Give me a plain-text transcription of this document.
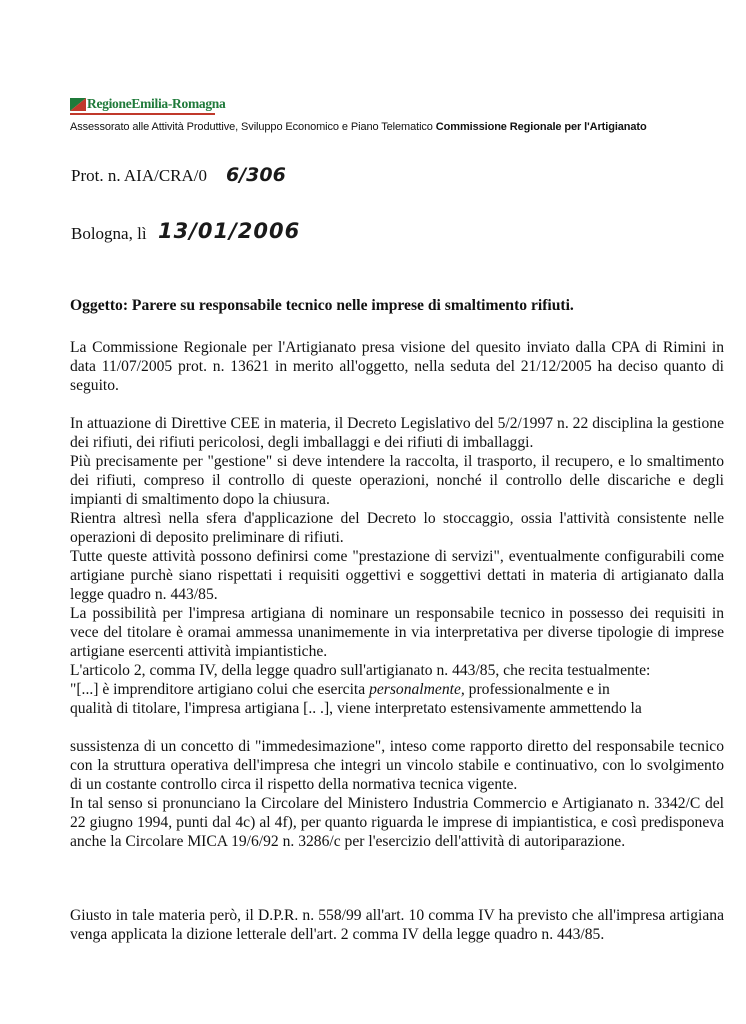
RegioneEmilia-Romagna
Assessorato alle Attività Produttive, Sviluppo Economico e Piano Telematico Commissione Regionale per l'Artigianato
Prot. n. AIA/CRA/0 6/306
Bologna, lì 13/01/2006
Oggetto: Parere su responsabile tecnico nelle imprese di smaltimento rifiuti.

La Commissione Regionale per l'Artigianato presa visione del quesito inviato dalla CPA di Rimini in data 11/07/2005 prot. n. 13621 in merito all'oggetto, nella seduta del 21/12/2005 ha deciso quanto di seguito.

In attuazione di Direttive CEE in materia, il Decreto Legislativo del 5/2/1997 n. 22 disciplina la gestione dei rifiuti, dei rifiuti pericolosi, degli imballaggi e dei rifiuti di imballaggi.

Più precisamente per "gestione" si deve intendere la raccolta, il trasporto, il recupero, e lo smaltimento dei rifiuti, compreso il controllo di queste operazioni, nonché il controllo delle discariche e degli impianti di smaltimento dopo la chiusura.

Rientra altresì nella sfera d'applicazione del Decreto lo stoccaggio, ossia l'attività consistente nelle operazioni di deposito preliminare di rifiuti.

Tutte queste attività possono definirsi come "prestazione di servizi", eventualmente configurabili come artigiane purchè siano rispettati i requisiti oggettivi e soggettivi dettati in materia di artigianato dalla legge quadro n. 443/85.

La possibilità per l'impresa artigiana di nominare un responsabile tecnico in possesso dei requisiti in vece del titolare è oramai ammessa unanimemente in via interpretativa per diverse tipologie di imprese artigiane esercenti attività impiantistiche.

L'articolo 2, comma IV, della legge quadro sull'artigianato n. 443/85, che recita testualmente:

"[...] è imprenditore artigiano colui che esercita personalmente, professionalmente e in

qualità di titolare, l'impresa artigiana [.. .], viene interpretato estensivamente ammettendo la

sussistenza di un concetto di "immedesimazione", inteso come rapporto diretto del responsabile tecnico con la struttura operativa dell'impresa che integri un vincolo stabile e continuativo, con lo svolgimento di un costante controllo circa il rispetto della normativa tecnica vigente.

In tal senso si pronunciano la Circolare del Ministero Industria Commercio e Artigianato n. 3342/C del 22 giugno 1994, punti dal 4c) al 4f), per quanto riguarda le imprese di impiantistica, e così predisponeva anche la Circolare MICA 19/6/92 n. 3286/c per l'esercizio dell'attività di autoriparazione.

Giusto in tale materia però, il D.P.R. n. 558/99 all'art. 10 comma IV ha previsto che all'impresa artigiana venga applicata la dizione letterale dell'art. 2 comma IV della legge quadro n. 443/85.
